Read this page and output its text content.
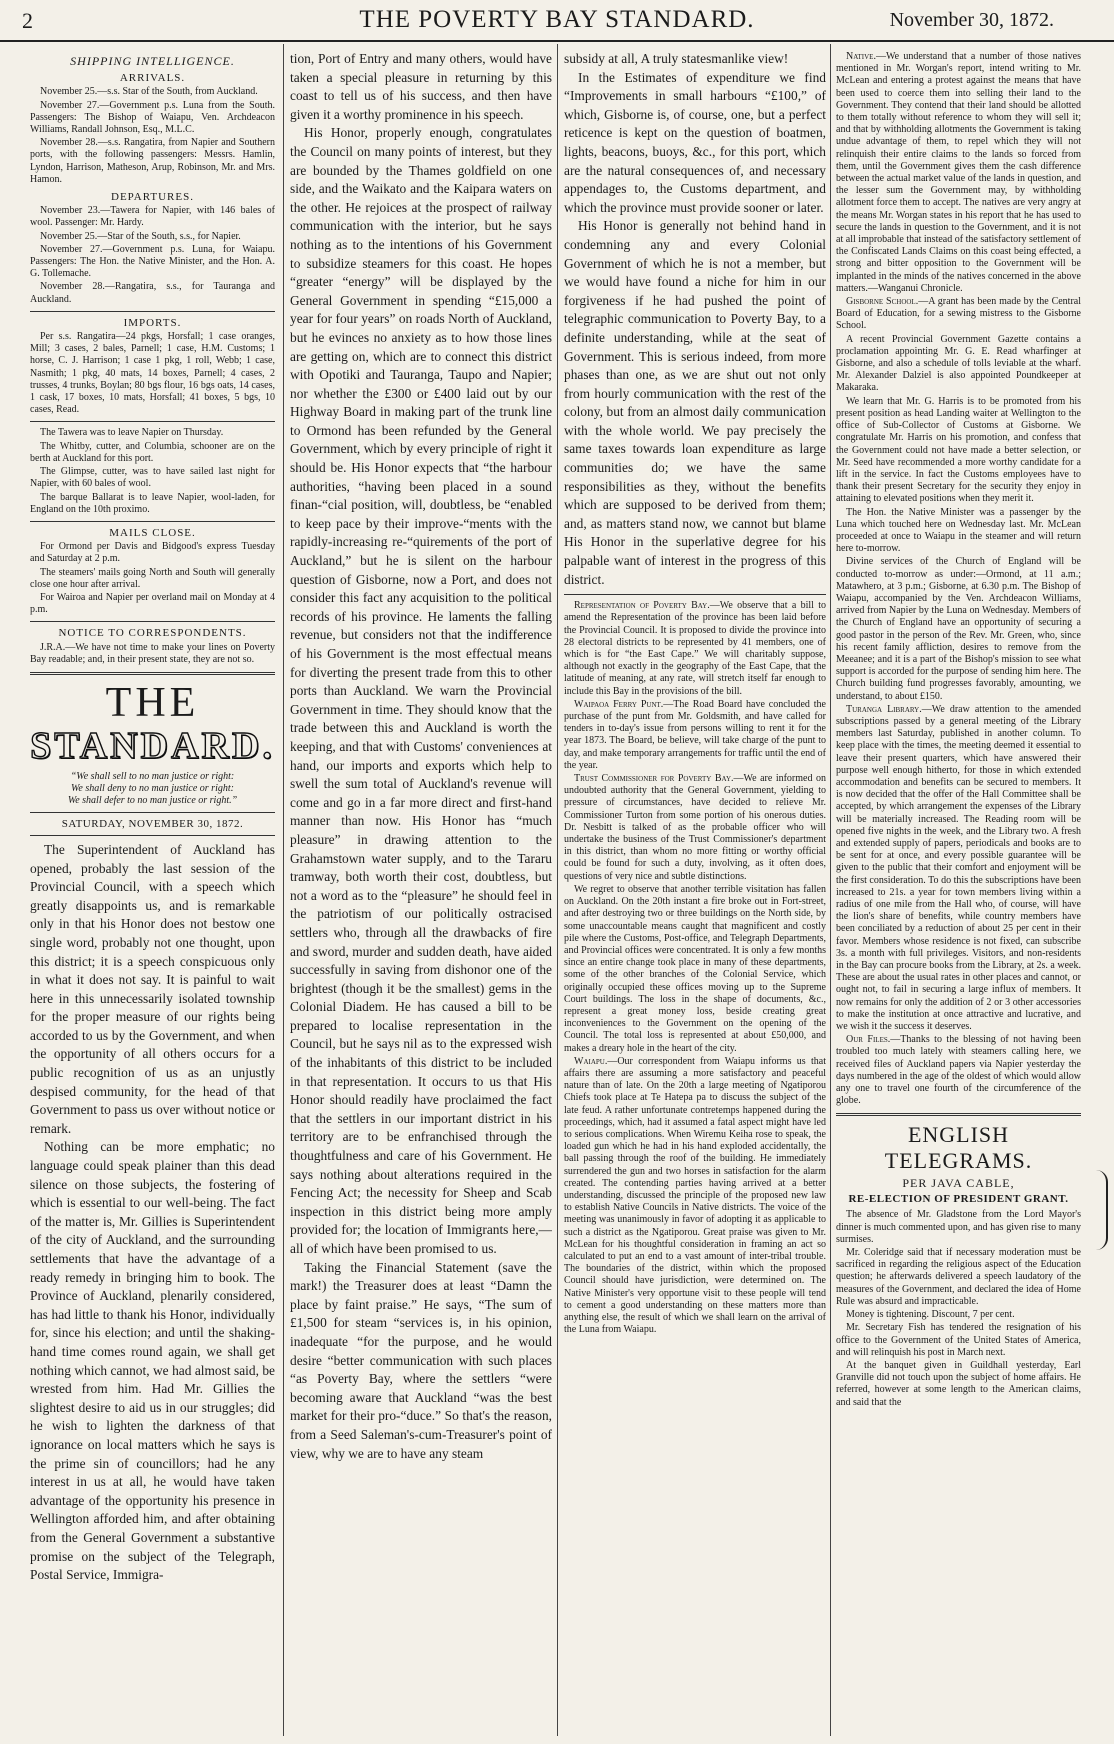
2	THE POVERTY BAY STANDARD.	November 30, 1872.
SHIPPING INTELLIGENCE.
ARRIVALS.

November 25.—s.s. Star of the South, from Auckland.

November 27.—Government p.s. Luna from the South. Passengers: The Bishop of Waiapu, Ven. Archdeacon Williams, Randall Johnson, Esq., M.L.C.

November 28.—s.s. Rangatira, from Napier and Southern ports, with the following passengers: Messrs. Hamlin, Lyndon, Harrison, Matheson, Arup, Robinson, Mr. and Mrs. Hamon.

DEPARTURES.

November 23.—Tawera for Napier, with 146 bales of wool. Passenger: Mr. Hardy.

November 25.—Star of the South, s.s., for Napier.

November 27.—Government p.s. Luna, for Waiapu. Passengers: The Hon. the Native Minister, and the Hon. A. G. Tollemache.

November 28.—Rangatira, s.s., for Tauranga and Auckland.

IMPORTS.

Per s.s. Rangatira—24 pkgs, Horsfall; 1 case oranges, Mill; 3 cases, 2 bales, Parnell; 1 case, H.M. Customs; 1 horse, C. J. Harrison; 1 case 1 pkg, 1 roll, Webb; 1 case, Nasmith; 1 pkg, 40 mats, 14 boxes, Parnell; 4 cases, 2 trusses, 4 trunks, Boylan; 80 bgs flour, 16 bgs oats, 14 cases, 1 cask, 17 boxes, 10 mats, Horsfall; 41 boxes, 5 bgs, 10 cases, Read.

The Tawera was to leave Napier on Thursday.

The Whitby, cutter, and Columbia, schooner are on the berth at Auckland for this port.

The Glimpse, cutter, was to have sailed last night for Napier, with 60 bales of wool.

The barque Ballarat is to leave Napier, wool-laden, for England on the 10th proximo.

MAILS CLOSE.

For Ormond per Davis and Bidgood's express Tuesday and Saturday at 2 p.m.

The steamers' mails going North and South will generally close one hour after arrival.

For Wairoa and Napier per overland mail on Monday at 4 p.m.

NOTICE TO CORRESPONDENTS.

J.R.A.—We have not time to make your lines on Poverty Bay readable; and, in their present state, they are not so.

THE
STANDARD.
“We shall sell to no man justice or right:
We shall deny to no man justice or right:
We shall defer to no man justice or right.”
SATURDAY, NOVEMBER 30, 1872.

The Superintendent of Auckland has opened, probably the last session of the Provincial Council, with a speech which greatly disappoints us, and is remarkable only in that his Honor does not bestow one single word, probably not one thought, upon this district; it is a speech conspicuous only in what it does not say. It is painful to wait here in this unnecessarily isolated township for the proper measure of our rights being accorded to us by the Government, and when the opportunity of all others occurs for a public recognition of us as an unjustly despised community, for the head of that Government to pass us over without notice or remark.

Nothing can be more emphatic; no language could speak plainer than this dead silence on those subjects, the fostering of which is essential to our well-being. The fact of the matter is, Mr. Gillies is Superintendent of the city of Auckland, and the surrounding settlements that have the advantage of a ready remedy in bringing him to book. The Province of Auckland, plenarily considered, has had little to thank his Honor, individually for, since his election; and until the shaking-hand time comes round again, we shall get nothing which cannot, we had almost said, be wrested from him. Had Mr. Gillies the slightest desire to aid us in our struggles; did he wish to lighten the darkness of that ignorance on local matters which he says is the prime sin of councillors; had he any interest in us at all, he would have taken advantage of the opportunity his presence in Wellington afforded him, and after obtaining from the General Government a substantive promise on the subject of the Telegraph, Postal Service, Immigra-

tion, Port of Entry and many others, would have taken a special pleasure in returning by this coast to tell us of his success, and then have given it a worthy prominence in his speech.

His Honor, properly enough, congratulates the Council on many points of interest, but they are bounded by the Thames goldfield on one side, and the Waikato and the Kaipara waters on the other. He rejoices at the prospect of railway communication with the interior, but he says nothing as to the intentions of his Government to subsidize steamers for this coast. He hopes “greater “energy” will be displayed by the General Government in spending “£15,000 a year for four years” on roads North of Auckland, but he evinces no anxiety as to how those lines are getting on, which are to connect this district with Opotiki and Tauranga, Taupo and Napier; nor whether the £300 or £400 laid out by our Highway Board in making part of the trunk line to Ormond has been refunded by the General Government, which by every principle of right it should be. His Honor expects that “the harbour authorities, “having been placed in a sound finan-“cial position, will, doubtless, be “enabled to keep pace by their improve-“ments with the rapidly-increasing re-“quirements of the port of Auckland,” but he is silent on the harbour question of Gisborne, now a Port, and does not consider this fact any acquisition to the political records of his province. He laments the falling revenue, but considers not that the indifference of his Government is the most effectual means for diverting the present trade from this to other ports than Auckland. We warn the Provincial Government in time. They should know that the trade between this and Auckland is worth the keeping, and that with Customs' conveniences at hand, our imports and exports which help to swell the sum total of Auckland's revenue will come and go in a far more direct and first-hand manner than now. His Honor has “much pleasure” in drawing attention to the Grahamstown water supply, and to the Tararu tramway, both worth their cost, doubtless, but not a word as to the “pleasure” he should feel in the patriotism of our politically ostracised settlers who, through all the drawbacks of fire and sword, murder and sudden death, have aided successfully in saving from dishonor one of the brightest (though it be the smallest) gems in the Colonial Diadem. He has caused a bill to be prepared to localise representation in the Council, but he says nil as to the expressed wish of the inhabitants of this district to be included in that representation. It occurs to us that His Honor should readily have proclaimed the fact that the settlers in our important district in his territory are to be enfranchised through the thoughtfulness and care of his Government. He says nothing about alterations required in the Fencing Act; the necessity for Sheep and Scab inspection in this district being more amply provided for; the location of Immigrants here,—all of which have been promised to us.

Taking the Financial Statement (save the mark!) the Treasurer does at least “Damn the place by faint praise.” He says, “The sum of £1,500 for steam “services is, in his opinion, inadequate “for the purpose, and he would desire “better communication with such places “as Poverty Bay, where the settlers “were becoming aware that Auckland “was the best market for their pro-“duce.” So that's the reason, from a Seed Saleman's-cum-Treasurer's point of view, why we are to have any steam

subsidy at all, A truly statesmanlike view!

In the Estimates of expenditure we find “Improvements in small harbours “£100,” of which, Gisborne is, of course, one, but a perfect reticence is kept on the question of boatmen, lights, beacons, buoys, &c., for this port, which are the natural consequences of, and necessary appendages to, the Customs department, and which the province must provide sooner or later.

His Honor is generally not behind hand in condemning any and every Colonial Government of which he is not a member, but we would have found a niche for him in our forgiveness if he had pushed the point of telegraphic communication to Poverty Bay, to a definite understanding, while at the seat of Government. This is serious indeed, from more phases than one, as we are shut out not only from hourly communication with the rest of the colony, but from an almost daily communication with the whole world. We pay precisely the same taxes towards loan expenditure as large communities do; we have the same responsibilities as they, without the benefits which are supposed to be derived from them; and, as matters stand now, we cannot but blame His Honor in the superlative degree for his palpable want of interest in the progress of this district.

Representation of Poverty Bay.—We observe that a bill to amend the Representation of the province has been laid before the Provincial Council. It is proposed to divide the province into 28 electoral districts to be represented by 41 members, one of which is for “the East Cape.” We will charitably suppose, although not exactly in the geography of the East Cape, that the latitude of meaning, at any rate, will stretch itself far enough to include this Bay in the provisions of the bill.

Waipaoa Ferry Punt.—The Road Board have concluded the purchase of the punt from Mr. Goldsmith, and have called for tenders in to-day's issue from persons willing to rent it for the year 1873. The Board, be believe, will take charge of the punt to day, and make temporary arrangements for traffic until the end of the year.

Trust Commissioner for Poverty Bay.—We are informed on undoubted authority that the General Government, yielding to pressure of circumstances, have decided to relieve Mr. Commissioner Turton from some portion of his onerous duties. Dr. Nesbitt is talked of as the probable officer who will undertake the business of the Trust Commissioner's department in this district, than whom no more fitting or worthy official could be found for such a duty, involving, as it often does, questions of very nice and subtle distinctions.

We regret to observe that another terrible visitation has fallen on Auckland. On the 20th instant a fire broke out in Fort-street, and after destroying two or three buildings on the North side, by some unaccountable means caught that magnificent and costly pile where the Customs, Post-office, and Telegraph Departments, and Provincial offices were concentrated. It is only a few months since an entire change took place in many of these departments, some of the other branches of the Colonial Service, which originally occupied these offices moving up to the Supreme Court buildings. The loss in the shape of documents, &c., represent a great money loss, beside creating great inconveniences to the Government on the opening of the Council. The total loss is represented at about £50,000, and makes a dreary hole in the heart of the city.

Waiapu.—Our correspondent from Waiapu informs us that affairs there are assuming a more satisfactory and peaceful nature than of late. On the 20th a large meeting of Ngatiporou Chiefs took place at Te Hatepa pa to discuss the subject of the late feud. A rather unfortunate contretemps happened during the proceedings, which, had it assumed a fatal aspect might have led to serious complications. When Wiremu Keiha rose to speak, the loaded gun which he had in his hand exploded accidentally, the ball passing through the roof of the building. He immediately surrendered the gun and two horses in satisfaction for the alarm created. The contending parties having arrived at a better understanding, discussed the principle of the proposed new law to establish Native Councils in Native districts. The voice of the meeting was unanimously in favor of adopting it as applicable to such a district as the Ngatiporou. Great praise was given to Mr. McLean for his thoughtful consideration in framing an act so calculated to put an end to a vast amount of inter-tribal trouble. The boundaries of the district, within which the proposed Council should have jurisdiction, were determined on. The Native Minister's very opportune visit to these people will tend to cement a good understanding on these matters more than anything else, the result of which we shall learn on the arrival of the Luna from Waiapu.

Native.—We understand that a number of those natives mentioned in Mr. Worgan's report, intend writing to Mr. McLean and entering a protest against the means that have been used to coerce them into selling their land to the Government. They contend that their land should be allotted to them totally without reference to whom they will sell it; and that by withholding allotments the Government is taking undue advantage of them, to repel which they will not relinquish their entire claims to the lands so forced from them, until the Government gives them the cash difference between the actual market value of the lands in question, and the lesser sum the Government may, by withholding allotment force them to accept. The natives are very angry at the means Mr. Worgan states in his report that he has used to secure the lands in question to the Government, and it is not at all improbable that instead of the satisfactory settlement of the Confiscated Lands Claims on this coast being effected, a strong and bitter opposition to the Government will be implanted in the minds of the natives concerned in the above matters.—Wanganui Chronicle.

Gisborne School.—A grant has been made by the Central Board of Education, for a sewing mistress to the Gisborne School.

A recent Provincial Government Gazette contains a proclamation appointing Mr. G. E. Read wharfinger at Gisborne, and also a schedule of tolls leviable at the wharf. Mr. Alexander Dalziel is also appointed Poundkeeper at Makaraka.

We learn that Mr. G. Harris is to be promoted from his present position as head Landing waiter at Wellington to the office of Sub-Collector of Customs at Gisborne. We congratulate Mr. Harris on his promotion, and confess that the Government could not have made a better selection, or Mr. Seed have recommended a more worthy candidate for a lift in the service. In fact the Customs employees have to thank their present Secretary for the security they enjoy in attaining to elevated positions when they merit it.

The Hon. the Native Minister was a passenger by the Luna which touched here on Wednesday last. Mr. McLean proceeded at once to Waiapu in the steamer and will return here to-morrow.

Divine services of the Church of England will be conducted to-morrow as under:—Ormond, at 11 a.m.; Matawhero, at 3 p.m.; Gisborne, at 6.30 p.m. The Bishop of Waiapu, accompanied by the Ven. Archdeacon Williams, arrived from Napier by the Luna on Wednesday. Members of the Church of England have an opportunity of securing a good pastor in the person of the Rev. Mr. Green, who, since his recent family affliction, desires to remove from the Meeanee; and it is a part of the Bishop's mission to see what support is accorded for the purpose of sending him here. The Church building fund progresses favorably, amounting, we understand, to about £150.

Turanga Library.—We draw attention to the amended subscriptions passed by a general meeting of the Library members last Saturday, published in another column. To keep place with the times, the meeting deemed it essential to leave their present quarters, which have answered their purpose well enough hitherto, for those in which extended accommodation and benefits can be secured to members. It is now decided that the offer of the Hall Committee shall be accepted, by which arrangement the expenses of the Library will be materially increased. The Reading room will be opened five nights in the week, and the Library two. A fresh and extended supply of papers, periodicals and books are to be sent for at once, and every possible guarantee will be given to the public that their comfort and enjoyment will be the first consideration. To do this the subscriptions have been increased to 21s. a year for town members living within a radius of one mile from the Hall who, of course, will have the lion's share of benefits, while country members have been conciliated by a reduction of about 25 per cent in their favor. Members whose residence is not fixed, can subscribe 3s. a month with full privileges. Visitors, and non-residents in the Bay can procure books from the Library, at 2s. a week. These are about the usual rates in other places and cannot, or ought not, to fail in securing a large influx of members. It now remains for only the addition of 2 or 3 other accessories to make the institution at once attractive and lucrative, and we wish it the success it deserves.

Our Files.—Thanks to the blessing of not having been troubled too much lately with steamers calling here, we received files of Auckland papers via Napier yesterday the days numbered in the age of the oldest of which would allow any one to travel one fourth of the circumference of the globe.

ENGLISH TELEGRAMS.
PER JAVA CABLE,
RE-ELECTION OF PRESIDENT GRANT.

The absence of Mr. Gladstone from the Lord Mayor's dinner is much commented upon, and has given rise to many surmises.

Mr. Coleridge said that if necessary moderation must be sacrificed in regarding the religious aspect of the Education question; he afterwards delivered a speech laudatory of the measures of the Government, and declared the idea of Home Rule was absurd and impracticable.

Money is tightening. Discount, 7 per cent.

Mr. Secretary Fish has tendered the resignation of his office to the Government of the United States of America, and will relinquish his post in March next.

At the banquet given in Guildhall yesterday, Earl Granville did not touch upon the subject of home affairs. He referred, however at some length to the American claims, and said that the
